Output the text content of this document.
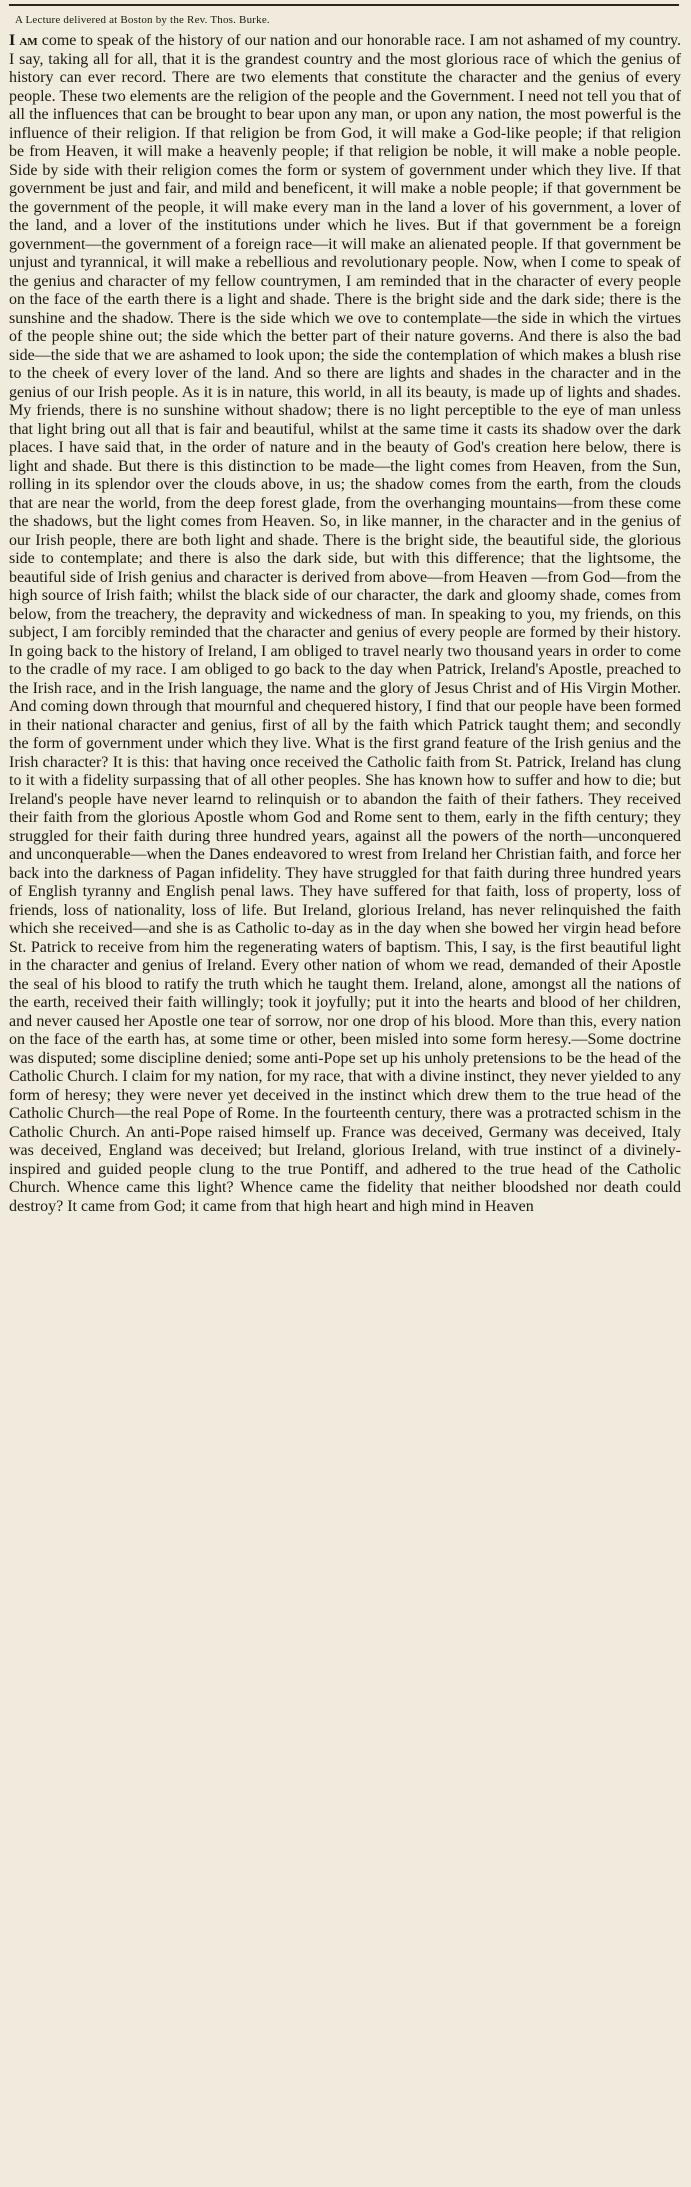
A Lecture delivered at Boston by the Rev. Thos. Burke.

I am come to speak of the history of our nation and our honorable race. I am not ashamed of my country. I say, taking all for all, that it is the grandest country and the most glorious race of which the genius of history can ever record. There are two elements that constitute the character and the genius of every people. These two elements are the religion of the people and the Government. I need not tell you that of all the influences that can be brought to bear upon any man, or upon any nation, the most powerful is the influence of their religion. If that religion be from God, it will make a God-like people; if that religion be from Heaven, it will make a heavenly people; if that religion be noble, it will make a noble people. Side by side with their religion comes the form or system of government under which they live. If that government be just and fair, and mild and beneficent, it will make a noble people; if that government be the government of the people, it will make every man in the land a lover of his government, a lover of the land, and a lover of the institutions under which he lives. But if that government be a foreign government—the government of a foreign race—it will make an alienated people. If that government be unjust and tyrannical, it will make a rebellious and revolutionary people. Now, when I come to speak of the genius and character of my fellow countrymen, I am reminded that in the character of every people on the face of the earth there is a light and shade. There is the bright side and the dark side; there is the sunshine and the shadow. There is the side which we ove to contemplate—the side in which the virtues of the people shine out; the side which the better part of their nature governs. And there is also the bad side—the side that we are ashamed to look upon; the side the contemplation of which makes a blush rise to the cheek of every lover of the land. And so there are lights and shades in the character and in the genius of our Irish people. As it is in nature, this world, in all its beauty, is made up of lights and shades. My friends, there is no sunshine without shadow; there is no light perceptible to the eye of man unless that light bring out all that is fair and beautiful, whilst at the same time it casts its shadow over the dark places. I have said that, in the order of nature and in the beauty of God's creation here below, there is light and shade. But there is this distinction to be made—the light comes from Heaven, from the Sun, rolling in its splendor over the clouds above, in us; the shadow comes from the earth, from the clouds that are near the world, from the deep forest glade, from the overhanging mountains—from these come the shadows, but the light comes from Heaven. So, in like manner, in the character and in the genius of our Irish people, there are both light and shade. There is the bright side, the beautiful side, the glorious side to contemplate; and there is also the dark side, but with this difference; that the lightsome, the beautiful side of Irish genius and character is derived from above—from Heaven —from God—from the high source of Irish faith; whilst the black side of our character, the dark and gloomy shade, comes from below, from the treachery, the depravity and wickedness of man. In speaking to you, my friends, on this subject, I am forcibly reminded that the character and genius of every people are formed by their history. In going back to the history of Ireland, I am obliged to travel nearly two thousand years in order to come to the cradle of my race. I am obliged to go back to the day when Patrick, Ireland's Apostle, preached to the Irish race, and in the Irish language, the name and the glory of Jesus Christ and of His Virgin Mother. And coming down through that mournful and chequered history, I find that our people have been formed in their national character and genius, first of all by the faith which Patrick taught them; and secondly the form of government under which they live. What is the first grand feature of the Irish genius and the Irish character? It is this: that having once received the Catholic faith from St. Patrick, Ireland has clung to it with a fidelity surpassing that of all other peoples. She has known how to suffer and how to die; but Ireland's people have never learnd to relinquish or to abandon the faith of their fathers. They received their faith from the glorious Apostle whom God and Rome sent to them, early in the fifth century; they struggled for their faith during three hundred years, against all the powers of the north—unconquered and unconquerable—when the Danes endeavored to wrest from Ireland her Christian faith, and force her back into the darkness of Pagan infidelity. They have struggled for that faith during three hundred years of English tyranny and English penal laws. They have suffered for that faith, loss of property, loss of friends, loss of nationality, loss of life. But Ireland, glorious Ireland, has never relinquished the faith which she received—and she is as Catholic to-day as in the day when she bowed her virgin head before St. Patrick to receive from him the regenerating waters of baptism. This, I say, is the first beautiful light in the character and genius of Ireland. Every other nation of whom we read, demanded of their Apostle the seal of his blood to ratify the truth which he taught them. Ireland, alone, amongst all the nations of the earth, received their faith willingly; took it joyfully; put it into the hearts and blood of her children, and never caused her Apostle one tear of sorrow, nor one drop of his blood. More than this, every nation on the face of the earth has, at some time or other, been misled into some form heresy.—Some doctrine was disputed; some discipline denied; some anti-Pope set up his unholy pretensions to be the head of the Catholic Church. I claim for my nation, for my race, that with a divine instinct, they never yielded to any form of heresy; they were never yet deceived in the instinct which drew them to the true head of the Catholic Church—the real Pope of Rome. In the fourteenth century, there was a protracted schism in the Catholic Church. An anti-Pope raised himself up. France was deceived, Germany was deceived, Italy was deceived, England was deceived; but Ireland, glorious Ireland, with true instinct of a divinely-inspired and guided people clung to the true Pontiff, and adhered to the true head of the Catholic Church. Whence came this light? Whence came the fidelity that neither bloodshed nor death could destroy? It came from God; it came from that high heart and high mind in Heaven
